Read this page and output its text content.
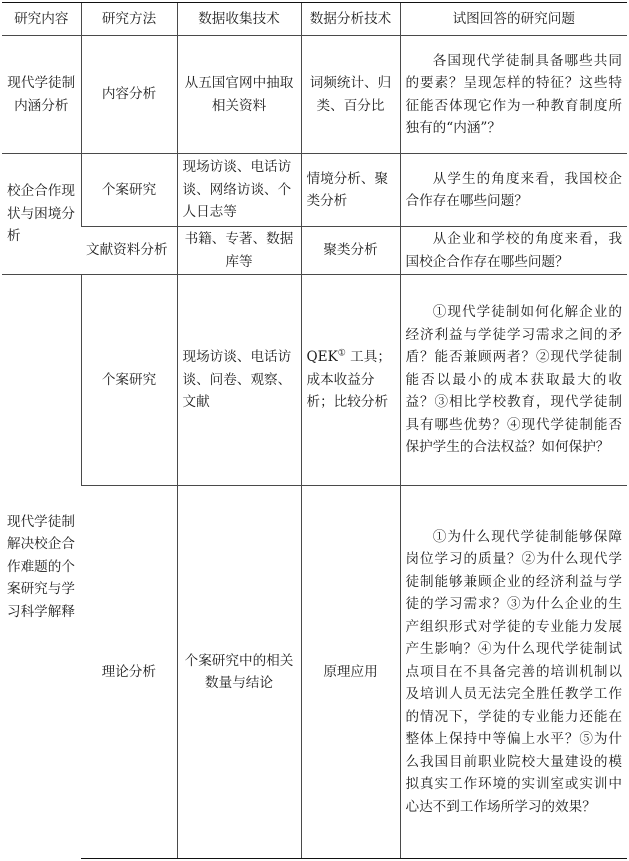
研究内容	研究方法	数据收集技术	数据分析技术	试图回答的研究问题
现代学徒制内涵分析	内容分析	从五国官网中抽取相关资料	词频统计、归类、百分比	各国现代学徒制具备哪些共同的要素？呈现怎样的特征？这些特征能否体现它作为一种教育制度所独有的“内涵”？
校企合作现状与困境分析	个案研究	现场访谈、电话访谈、网络访谈、个人日志等	情境分析、聚类分析	从学生的角度来看，我国校企合作存在哪些问题？
	文献资料分析	书籍、专著、数据库等	聚类分析	从企业和学校的角度来看，我国校企合作存在哪些问题？
现代学徒制解决校企合作难题的个案研究与学习科学解释	个案研究	现场访谈、电话访谈、问卷、观察、文献	QEK① 工具；成本收益分析；比较分析	①现代学徒制如何化解企业的经济利益与学徒学习需求之间的矛盾？能否兼顾两者？②现代学徒制能否以最小的成本获取最大的收益？③相比学校教育，现代学徒制具有哪些优势？④现代学徒制能否保护学生的合法权益？如何保护？
	理论分析	个案研究中的相关数量与结论	原理应用	①为什么现代学徒制能够保障岗位学习的质量？②为什么现代学徒制能够兼顾企业的经济利益与学徒的学习需求？③为什么企业的生产组织形式对学徒的专业能力发展产生影响？④为什么现代学徒制试点项目在不具备完善的培训机制以及培训人员无法完全胜任教学工作的情况下，学徒的专业能力还能在整体上保持中等偏上水平？⑤为什么我国目前职业院校大量建设的模拟真实工作环境的实训室或实训中心达不到工作场所学习的效果？
